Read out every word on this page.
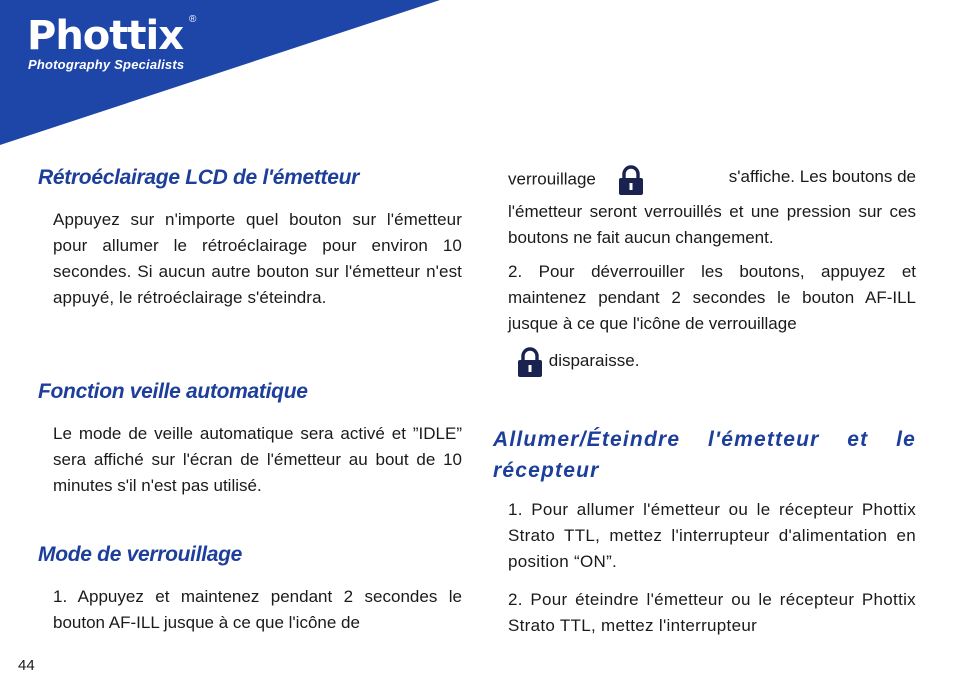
Phottix ®
Photography Specialists
Rétroéclairage LCD de l'émetteur

Appuyez sur n'importe quel bouton sur l'émetteur pour allumer le rétroéclairage pour environ 10 secondes. Si aucun autre bouton sur l'émetteur n'est appuyé, le rétroéclairage s'éteindra.

Fonction veille automatique

Le mode de veille automatique sera activé et ”IDLE” sera affiché sur l'écran de l'émetteur au bout de 10 minutes s'il n'est pas utilisé.

Mode de verrouillage

1. Appuyez et maintenez pendant 2 secondes le bouton AF-ILL jusque à ce que l'icône de

verrouillage	s'affiche. Les boutons de

l'émetteur seront verrouillés et une pression sur ces boutons ne fait aucun changement.

2. Pour déverrouiller les boutons, appuyez et maintenez pendant 2 secondes le bouton AF-ILL jusque à ce que l'icône de verrouillage

disparaisse.
Allumer/Éteindre l'émetteur et le récepteur

1. Pour allumer l'émetteur ou le récepteur Phottix Strato TTL, mettez l'interrupteur d'alimentation en position “ON”.

2. Pour éteindre l'émetteur ou le récepteur Phottix Strato TTL, mettez l'interrupteur

44
